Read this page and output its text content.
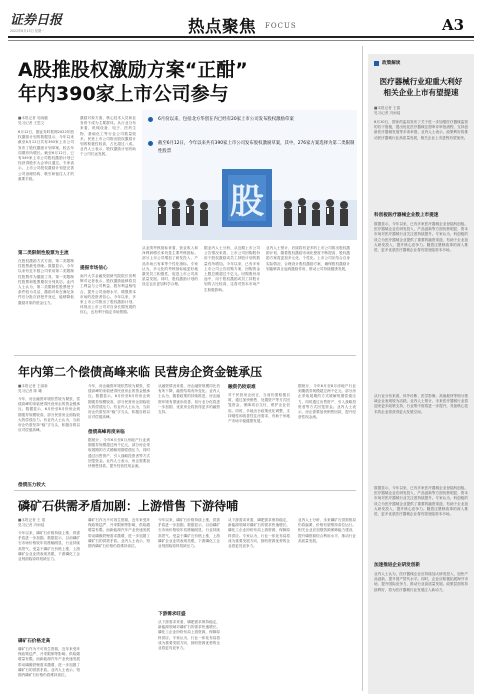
证券日报
2022年6月13日 星期一	热点聚焦 FOCUS	A3
A股推股权激励方案“正酣”
年内390家上市公司参与
■本报记者 吴晓璐
见习记者 王思文
6月12日，据证券时报网2022年股权激励计划的数据显示，今年以来截至6月12日共有390家上市公司发布了股权激励计划草案，较去年同期有所增长。截至6月12日，已有349家上市公司股权激励计划已经获得股东大会审议通过。专家表示，上市公司股权激励计划是完善公司治理结构、吸引和留住人才的重要手段。
第二类限制性股票为主流
在股权激励方式方面，第二类限制性股票最受青睐。数据显示，今年以来有近半数公司采用第二类限制性股票作为激励工具，第一类限制性股票和股票期权分列其后。业内人士认为，第二类限制性股票授予条件较为灵活，激励对象在满足条件后分批次获授并登记，能够降低激励对象的资金压力。
激励对象方面，核心技术人员和业务骨干成为主要群体。从行业分布来看，机械设备、电子、医药生物、基础化工等行业公司数量较多。民营上市公司推出股权激励计划的积极性较高，占比超过八成。业内人士表示，股权激励计划有助于公司长远发展。
提振市场信心
南开大学金融发展研究院院长田利辉对记者表示，股权激励能够将员工利益与公司利益、股东利益相结合，提升公司治理水平，增强资本市场的投资者信心。今年以来，多家上市公司推出了股权激励计划，体现出上市公司对自身长期发展的信心，也有利于稳定市场预期。
6月份以来，包括北方华创在内已经有20家上市公司发布股权激励草案
截至6月12日，今年以来共有390家上市公司发布股权激励草案，其中，276家方案选择为第二类限制性股票
股
从业绩考核指标来看，营业收入和净利润增长率仍是主要考核指标。部分上市公司增加了研发投入、产品市场占有率等个性化指标。专家认为，多元化的考核指标能更好地激发员工积极性，促进上市公司高质量发展。同时，股权激励计划的设定也应更加科学合理。
据业内人士分析，从近期上市公司公告情况来看，上市公司回购股份用于股权激励或员工持股计划的数量有所增加。今年以来，已有多家上市公司公告回购方案，回购资金上限总额超过千亿元。回购股份用途中，用于股权激励或员工持股计划的占比较高，这将对资本市场产生积极影响。
业内人士预计，后续将有更多的上市公司推出股权激励计划，随着股权激励市场化程度不断提高，股权激励方案将更加多元化、个性化。上市公司应结合自身实际情况，合理设计股权激励方案，确保股权激励计划能够真正起到激励作用，推动公司持续健康发展。
年内第二个偿债高峰来临 民营房企资金链承压
■本报记者 王丽新
见习记者 陈 曦
今年，房企融资环境依然较为紧张，偿债高峰的来临使得民营房企的资金链承压。数据显示，6月份至8月份房企到期债券规模较高，部分民营房企面临较大的偿债压力。有业内人士认为，当前房企仍需坚持“稳”字当头，积极自救以应对偿债高峰。
偿债压力较大
今年，房企融资环境依然较为紧张，偿债高峰的来临使得民营房企的资金链承压。数据显示，6月份至8月份房企到期债券规模较高，部分民营房企面临较大的偿债压力。有业内人士认为，当前房企仍需坚持“稳”字当头，积极自救以应对偿债高峰。
偿债高峰再度来临
据统计，今年6月至8月房地产行业到期债券规模超过两千亿元。部分房企采取展期的方式缓解短期偿债压力，同时通过出售资产、引入战略投资者等方式回笼资金。业内人士表示，房企需要加快销售回款，提升经营性现金流。
从融资情况来看，房企融资规模同比仍有所下降，融资结构有所变化。业内人士认为，随着政策的持续推进，房企融资环境有望逐步改善，但行业分化将进一步加剧，优质房企将获得更多的融资支持。
融资仍较艰难
对于民营房企而言，当前仍需积极自救，通过加快销售、处置资产等方式回笼资金，保障项目交付，维护企业信用。同时，多地出台政策优化调整，支持刚性和改善性住房需求，有助于房地产市场平稳健康发展。
据统计，今年6月至8月房地产行业到期债券规模超过两千亿元。部分房企采取展期的方式缓解短期偿债压力，同时通过出售资产、引入战略投资者等方式回笼资金。业内人士表示，房企需要加快销售回款，提升经营性现金流。
磷矿石供需矛盾加剧：上游惜售 下游待哺
■本报记者 王 僖
见习记者 冯雨瑶
今年以来，磷矿石价格持续上涨，供需矛盾进一步加剧。数据显示，目前磷矿石市场价格较年初涨幅明显，行业持续高景气。受益于磷矿石价格上涨，上游磷矿企业业绩表现亮眼，下游磷化工企业则面临原料短缺压力。
磷矿石价格走高
磷矿石作为不可再生资源，近年来受环保政策趋严、开采限制等影响，供给端增量有限。而新能源汽车产业快速发展带动磷酸铁锂需求激增，进一步加剧了磷矿石的供需矛盾。业内人士表示，短期内磷矿石价格仍将维持高位。
磷矿石作为不可再生资源，近年来受环保政策趋严、开采限制等影响，供给端增量有限。而新能源汽车产业快速发展带动磷酸铁锂需求激增，进一步加剧了磷矿石的供需矛盾。业内人士表示，短期内磷矿石价格仍将维持高位。
今年以来，磷矿石价格持续上涨，供需矛盾进一步加剧。数据显示，目前磷矿石市场价格较年初涨幅明显，行业持续高景气。受益于磷矿石价格上涨，上游磷矿企业业绩表现亮眼，下游磷化工企业则面临原料短缺压力。
下游需求旺盛
从下游需求来看，磷肥需求保持稳定，新能源领域对磷矿石的需求快速增长。磷化工企业纷纷布局上游资源，保障原料供应。专家认为，行业一体化布局将成为重要发展方向，拥有资源优势的企业将更具竞争力。
从下游需求来看，磷肥需求保持稳定，新能源领域对磷矿石的需求快速增长。磷化工企业纷纷布局上游资源，保障原料供应。专家认为，行业一体化布局将成为重要发展方向，拥有资源优势的企业将更具竞争力。
业内人士分析，未来磷矿石供需格局仍将偏紧，价格有望维持高位运行。相关企业应加强资源保障能力建设，提升磷资源综合利用水平，推动行业高质量发展。
政策解读
医疗器械行业迎重大利好
相关企业上市有望提速
■本报记者 王僖
见习记者 冯雨瑶
6月10日，国家药监局发布了关于进一步加强医疗器械监管的若干措施，提出优化医疗器械注册审评审批流程、支持创新医疗器械发展等多项举措。业内人士表示，政策利好将推动医疗器械行业高质量发展，相关企业上市进程有望加快。
科创板医疗器械企业数上市提速
数据显示，今年以来，已有多家医疗器械企业登陆科创板。医疗器械企业在研发投入、产品创新等方面优势明显，资本市场对医疗器械行业关注度持续提升。专家认为，科创板的设立为医疗器械企业提供了重要的融资渠道，有助于企业加大研发投入，提升核心竞争力。随着注册制改革的深入推进，更多优质医疗器械企业将有望登陆资本市场。
从行业分布来看，体外诊断、医学影像、高值耗材等细分领域企业表现较为活跃。业内人士预计，未来医疗器械行业将迎来更多政策支持，行业集中度将进一步提升，具备核心技术的企业将获得更大发展空间。
数据显示，今年以来，已有多家医疗器械企业登陆科创板。医疗器械企业在研发投入、产品创新等方面优势明显，资本市场对医疗器械行业关注度持续提升。专家认为，科创板的设立为医疗器械企业提供了重要的融资渠道，有助于企业加大研发投入，提升核心竞争力。随着注册制改革的深入推进，更多优质医疗器械企业将有望登陆资本市场。
加速推进企业研发创新
业内人士认为，医疗器械企业应持续加大研发投入，加快产品创新，提升国产替代水平。同时，企业应积极拓展海外市场，提升国际竞争力，推动行业高质量发展。政策层面的持续利好，将为医疗器械行业发展注入新动力。
